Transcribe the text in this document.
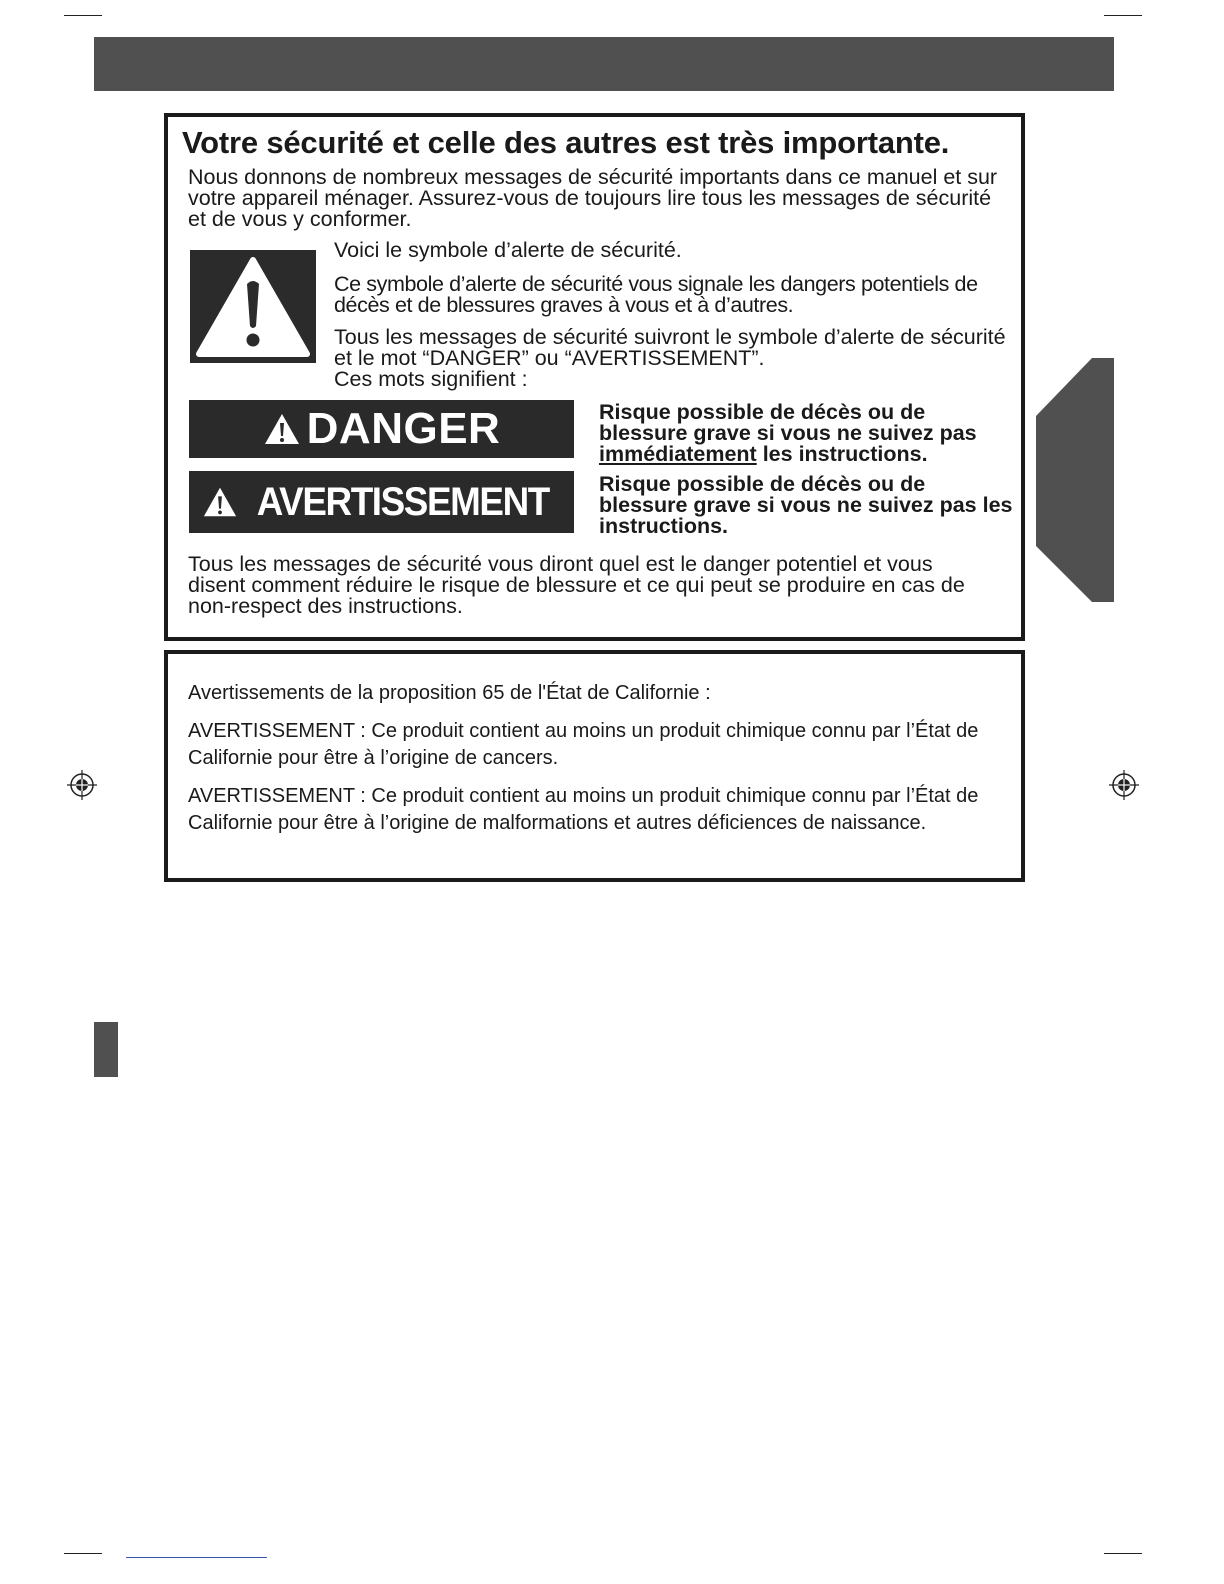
Votre sécurité et celle des autres est très importante.
Nous donnons de nombreux messages de sécurité importants dans ce manuel et sur votre appareil ménager. Assurez-vous de toujours lire tous les messages de sécurité et de vous y conformer.
Voici le symbole d’alerte de sécurité.
Ce symbole d’alerte de sécurité vous signale les dangers potentiels de décès et de blessures graves à vous et à d’autres.
Tous les messages de sécurité suivront le symbole d’alerte de sécurité et le mot “DANGER” ou “AVERTISSEMENT”.
Ces mots signifient :
DANGER	Risque possible de décès ou de blessure grave si vous ne suivez pas immédiatement les instructions.
AVERTISSEMENT Risque possible de décès ou de blessure grave si vous ne suivez pas les instructions.
Tous les messages de sécurité vous diront quel est le danger potentiel et vous disent comment réduire le risque de blessure et ce qui peut se produire en cas de non-respect des instructions.
Avertissements de la proposition 65 de l'État de Californie :
AVERTISSEMENT : Ce produit contient au moins un produit chimique connu par l’État de Californie pour être à l’origine de cancers.
AVERTISSEMENT : Ce produit contient au moins un produit chimique connu par l’État de Californie pour être à l’origine de malformations et autres déficiences de naissance.
